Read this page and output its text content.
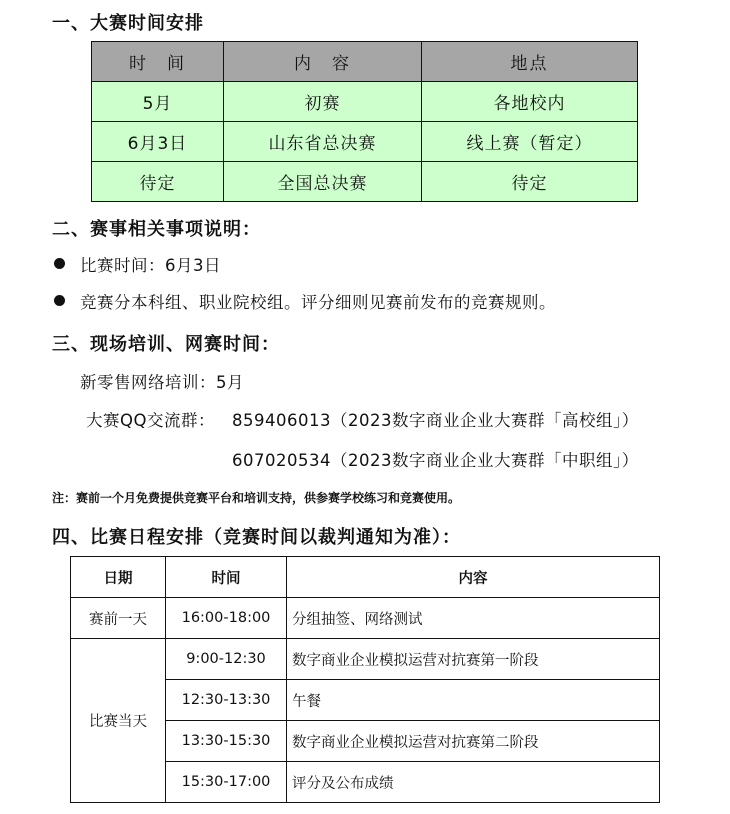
一、大赛时间安排
时　间	内　容	地点
5月	初赛	各地校内
6月3日	山东省总决赛	线上赛（暂定）
待定	全国总决赛	待定
二、赛事相关事项说明：
比赛时间：6月3日
竞赛分本科组、职业院校组。评分细则见赛前发布的竞赛规则。
三、现场培训、网赛时间：
新零售网络培训：5月
大赛QQ交流群： 859406013（2023数字商业企业大赛群「高校组」）
607020534（2023数字商业企业大赛群「中职组」）
注：赛前一个月免费提供竞赛平台和培训支持，供参赛学校练习和竞赛使用。
四、比赛日程安排（竞赛时间以裁判通知为准）：
日期	时间	内容
赛前一天	16:00-18:00	分组抽签、网络测试
比赛当天	9:00-12:30	数字商业企业模拟运营对抗赛第一阶段
	12:30-13:30	午餐
	13:30-15:30	数字商业企业模拟运营对抗赛第二阶段
	15:30-17:00	评分及公布成绩
